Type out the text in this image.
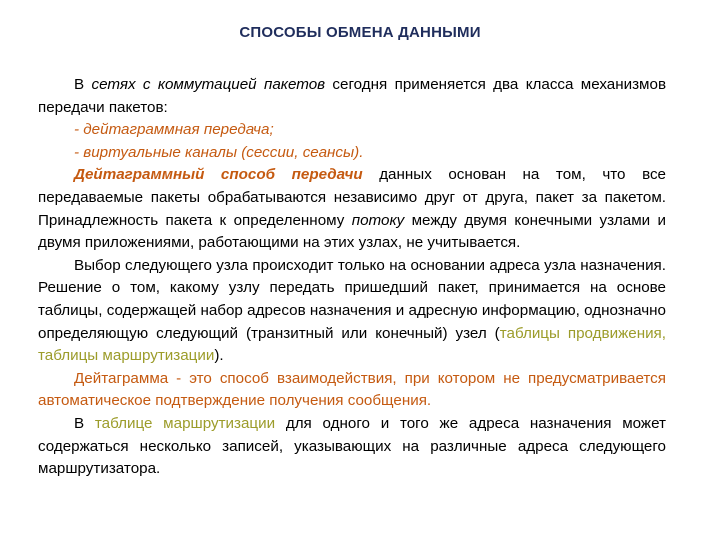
СПОСОБЫ ОБМЕНА ДАННЫМИ

В сетях с коммутацией пакетов сегодня применяется два класса механизмов передачи пакетов:

- дейтаграммная передача;

- виртуальные каналы (сессии, сеансы).

Дейтаграммный способ передачи данных основан на том, что все передаваемые пакеты обрабатываются независимо друг от друга, пакет за пакетом. Принадлежность пакета к определенному потоку между двумя конечными узлами и двумя приложениями, работающими на этих узлах, не учитывается.

Выбор следующего узла происходит только на основании адреса узла назначения. Решение о том, какому узлу передать пришедший пакет, принимается на основе таблицы, содержащей набор адресов назначения и адресную информацию, однозначно определяющую следующий (транзитный или конечный) узел (таблицы продвижения, таблицы маршрутизации).

Дейтаграмма - это способ взаимодействия, при котором не предусматривается автоматическое подтверждение получения сообщения.

В таблице маршрутизации для одного и того же адреса назначения может содержаться несколько записей, указывающих на различные адреса следующего маршрутизатора.
